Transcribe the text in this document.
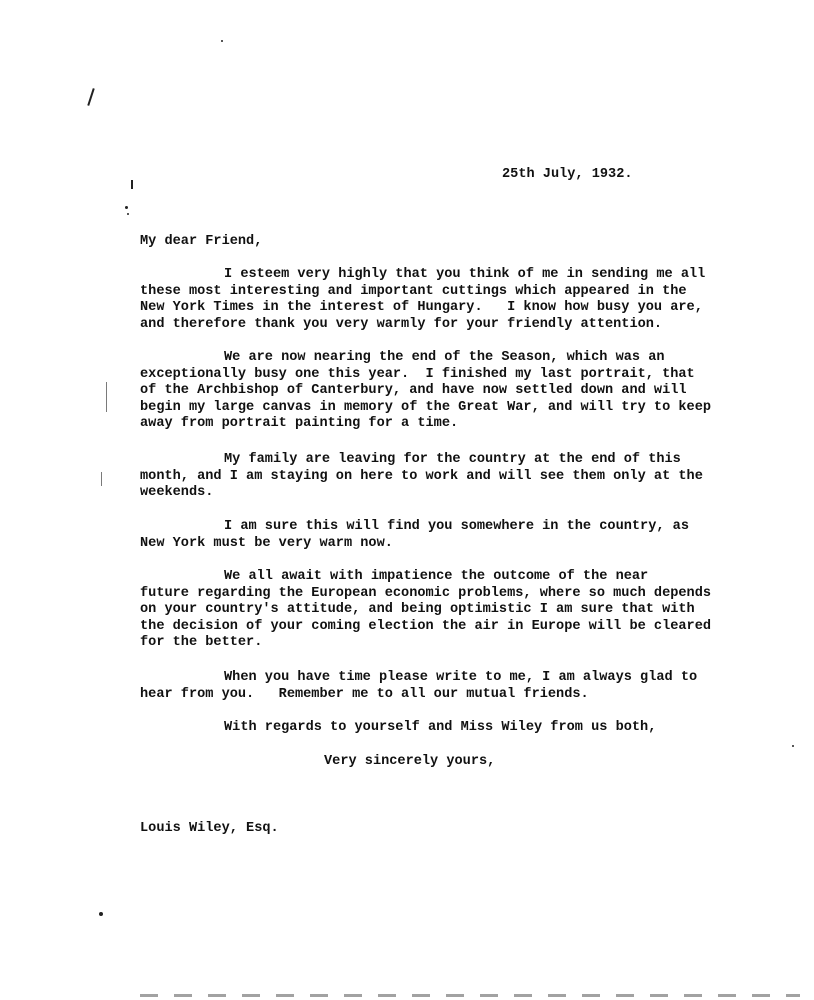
25th July, 1932.
My dear Friend,
I esteem very highly that you think of me in sending me all
these most interesting and important cuttings which appeared in the
New York Times in the interest of Hungary.   I know how busy you are,
and therefore thank you very warmly for your friendly attention.
We are now nearing the end of the Season, which was an
exceptionally busy one this year.  I finished my last portrait, that
of the Archbishop of Canterbury, and have now settled down and will
begin my large canvas in memory of the Great War, and will try to keep
away from portrait painting for a time.
My family are leaving for the country at the end of this
month, and I am staying on here to work and will see them only at the
weekends.
I am sure this will find you somewhere in the country, as
New York must be very warm now.
We all await with impatience the outcome of the near
future regarding the European economic problems, where so much depends
on your country's attitude, and being optimistic I am sure that with
the decision of your coming election the air in Europe will be cleared
for the better.
When you have time please write to me, I am always glad to
hear from you.   Remember me to all our mutual friends.
With regards to yourself and Miss Wiley from us both,
Very sincerely yours,
Louis Wiley, Esq.
